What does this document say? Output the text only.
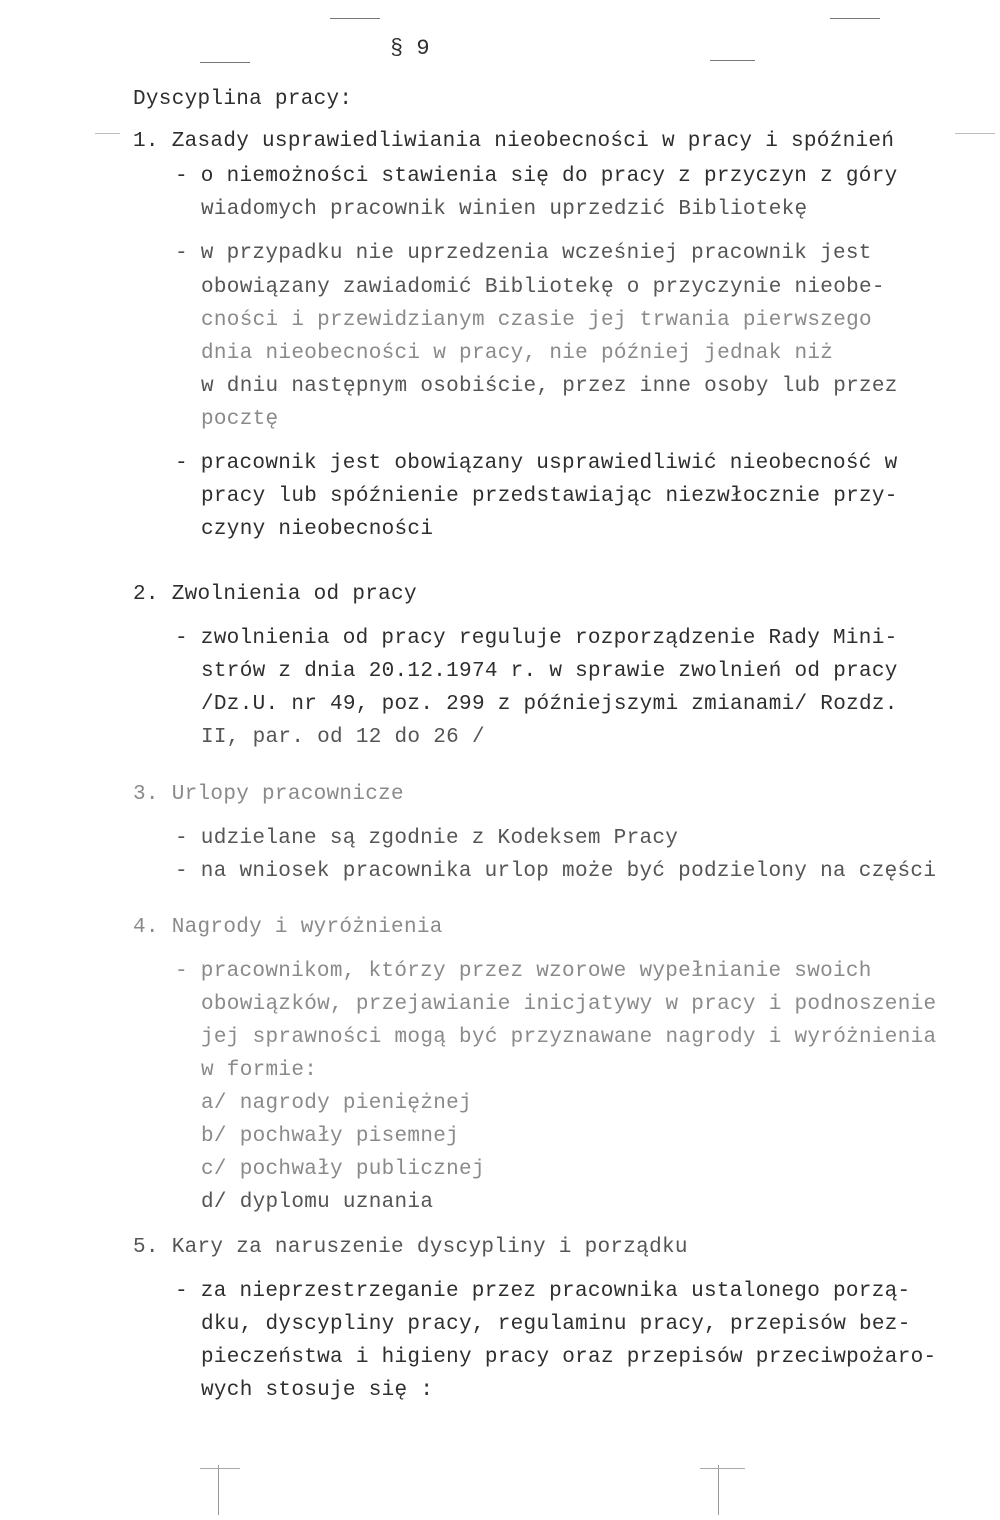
§ 9
Dyscyplina pracy:
1. Zasady usprawiedliwiania nieobecności w pracy i spóźnień
- o niemożności stawienia się do pracy z przyczyn z góry
wiadomych pracownik winien uprzedzić Bibliotekę
- w przypadku nie uprzedzenia wcześniej pracownik jest
obowiązany zawiadomić Bibliotekę o przyczynie nieobe-
cności i przewidzianym czasie jej trwania pierwszego
dnia nieobecności w pracy, nie później jednak niż
w dniu następnym osobiście, przez inne osoby lub przez
pocztę
- pracownik jest obowiązany usprawiedliwić nieobecność w
pracy lub spóźnienie przedstawiając niezwłocznie przy-
czyny nieobecności
2. Zwolnienia od pracy
- zwolnienia od pracy reguluje rozporządzenie Rady Mini-
strów z dnia 20.12.1974 r. w sprawie zwolnień od pracy
/Dz.U. nr 49, poz. 299 z późniejszymi zmianami/ Rozdz.
II, par. od 12 do 26 /
3. Urlopy pracownicze
- udzielane są zgodnie z Kodeksem Pracy
- na wniosek pracownika urlop może być podzielony na części
4. Nagrody i wyróżnienia
- pracownikom, którzy przez wzorowe wypełnianie swoich
obowiązków, przejawianie inicjatywy w pracy i podnoszenie
jej sprawności mogą być przyznawane nagrody i wyróżnienia
w formie:
a/ nagrody pieniężnej
b/ pochwały pisemnej
c/ pochwały publicznej
d/ dyplomu uznania
5. Kary za naruszenie dyscypliny i porządku
- za nieprzestrzeganie przez pracownika ustalonego porzą-
dku, dyscypliny pracy, regulaminu pracy, przepisów bez-
pieczeństwa i higieny pracy oraz przepisów przeciwpożaro-
wych stosuje się :
